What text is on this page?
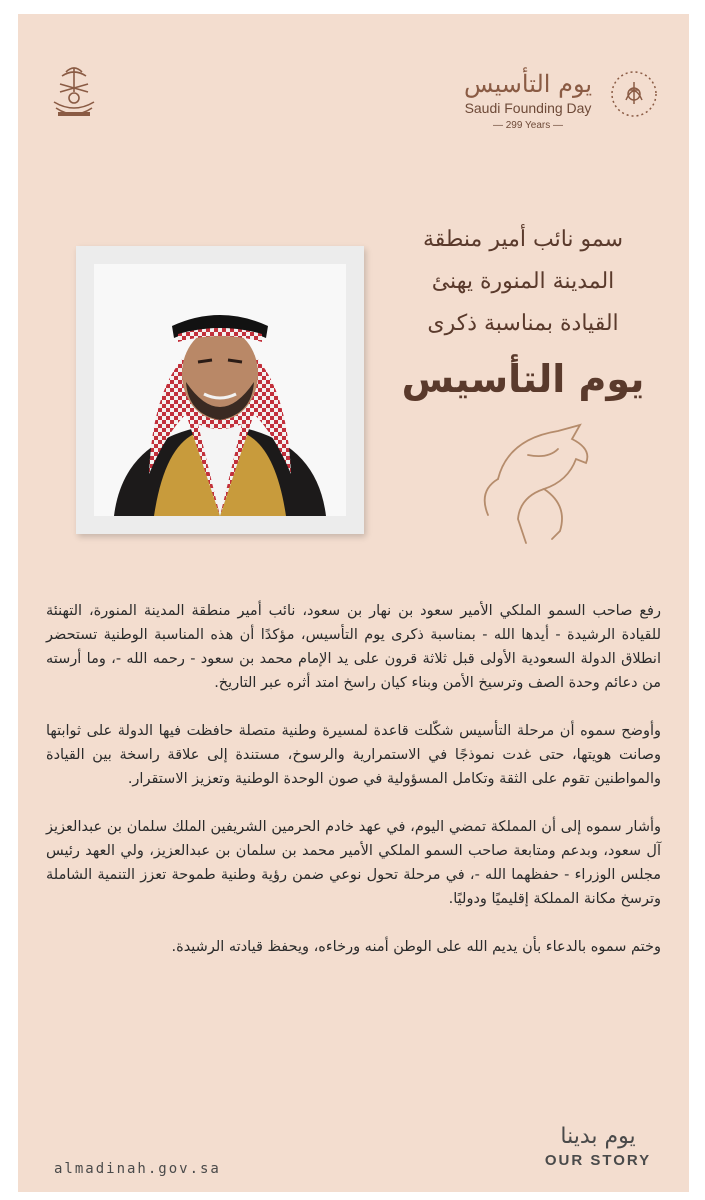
يوم التأسيس
Saudi Founding Day
— 299 Years —
سمو نائب أمير منطقة
المدينة المنورة يهنئ
القيادة بمناسبة ذكرى
يوم التأسيس

رفع صاحب السمو الملكي الأمير سعود بن نهار بن سعود، نائب أمير منطقة المدينة المنورة، التهنئة للقيادة الرشيدة - أيدها الله - بمناسبة ذكرى يوم التأسيس، مؤكدًا أن هذه المناسبة الوطنية تستحضر انطلاق الدولة السعودية الأولى قبل ثلاثة قرون على يد الإمام محمد بن سعود - رحمه الله -، وما أرسته من دعائم وحدة الصف وترسيخ الأمن وبناء كيان راسخ امتد أثره عبر التاريخ.

وأوضح سموه أن مرحلة التأسيس شكّلت قاعدة لمسيرة وطنية متصلة حافظت فيها الدولة على ثوابتها وصانت هويتها، حتى غدت نموذجًا في الاستمرارية والرسوخ، مستندة إلى علاقة راسخة بين القيادة والمواطنين تقوم على الثقة وتكامل المسؤولية في صون الوحدة الوطنية وتعزيز الاستقرار.

وأشار سموه إلى أن المملكة تمضي اليوم، في عهد خادم الحرمين الشريفين الملك سلمان بن عبدالعزيز آل سعود، وبدعم ومتابعة صاحب السمو الملكي الأمير محمد بن سلمان بن عبدالعزيز، ولي العهد رئيس مجلس الوزراء - حفظهما الله -، في مرحلة تحول نوعي ضمن رؤية وطنية طموحة تعزز التنمية الشاملة وترسخ مكانة المملكة إقليميًا ودوليًا.

وختم سموه بالدعاء بأن يديم الله على الوطن أمنه ورخاءه، ويحفظ قيادته الرشيدة.

almadinah.gov.sa
يوم بدينا
OUR STORY
